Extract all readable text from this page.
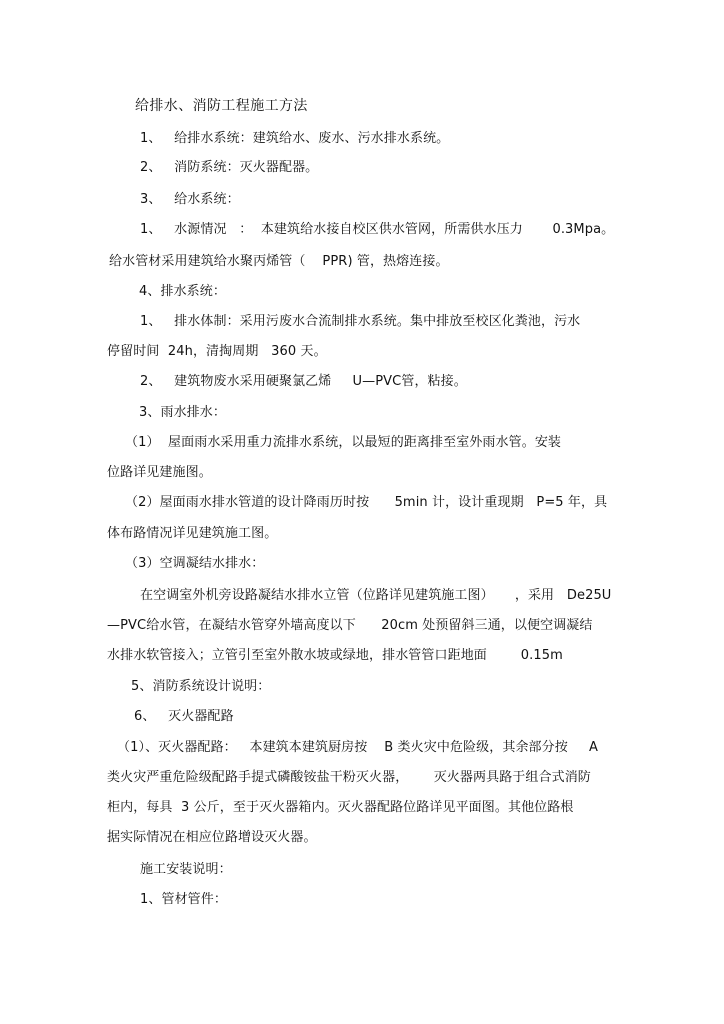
给排水、消防工程施工方法
1、   给排水系统：建筑给水、废水、污水排水系统。
2、   消防系统：灭火器配器。
3、   给水系统：
1、   水源情况   ：  本建筑给水接自校区供水管网，所需供水压力       0.3Mpa。
给水管材采用建筑给水聚丙烯管（    PPR) 管，热熔连接。
4、排水系统：
1、   排水体制：采用污废水合流制排水系统。集中排放至校区化粪池，污水
停留时间  24h，清掏周期   360 天。
2、   建筑物废水采用硬聚氯乙烯     U—PVC管，粘接。
3、雨水排水：
（1）  屋面雨水采用重力流排水系统，以最短的距离排至室外雨水管。安装
位路详见建施图。
（2）屋面雨水排水管道的设计降雨历时按      5min 计，设计重现期   P=5 年，具
体布路情况详见建筑施工图。
（3）空调凝结水排水：
在空调室外机旁设路凝结水排水立管（位路详见建筑施工图）     ，采用   De25U
—PVC给水管，在凝结水管穿外墙高度以下      20cm 处预留斜三通，以便空调凝结
水排水软管接入；立管引至室外散水坡或绿地，排水管管口距地面        0.15m
5、消防系统设计说明：
6、   灭火器配路
（1）、灭火器配路：   本建筑本建筑厨房按    B 类火灾中危险级，其余部分按     A
类火灾严重危险级配路手提式磷酸铵盐干粉灭火器，      灭火器两具路于组合式消防
柜内，每具  3 公斤，至于灭火器箱内。灭火器配路位路详见平面图。其他位路根
据实际情况在相应位路增设灭火器。
施工安装说明：
1、管材管件：
